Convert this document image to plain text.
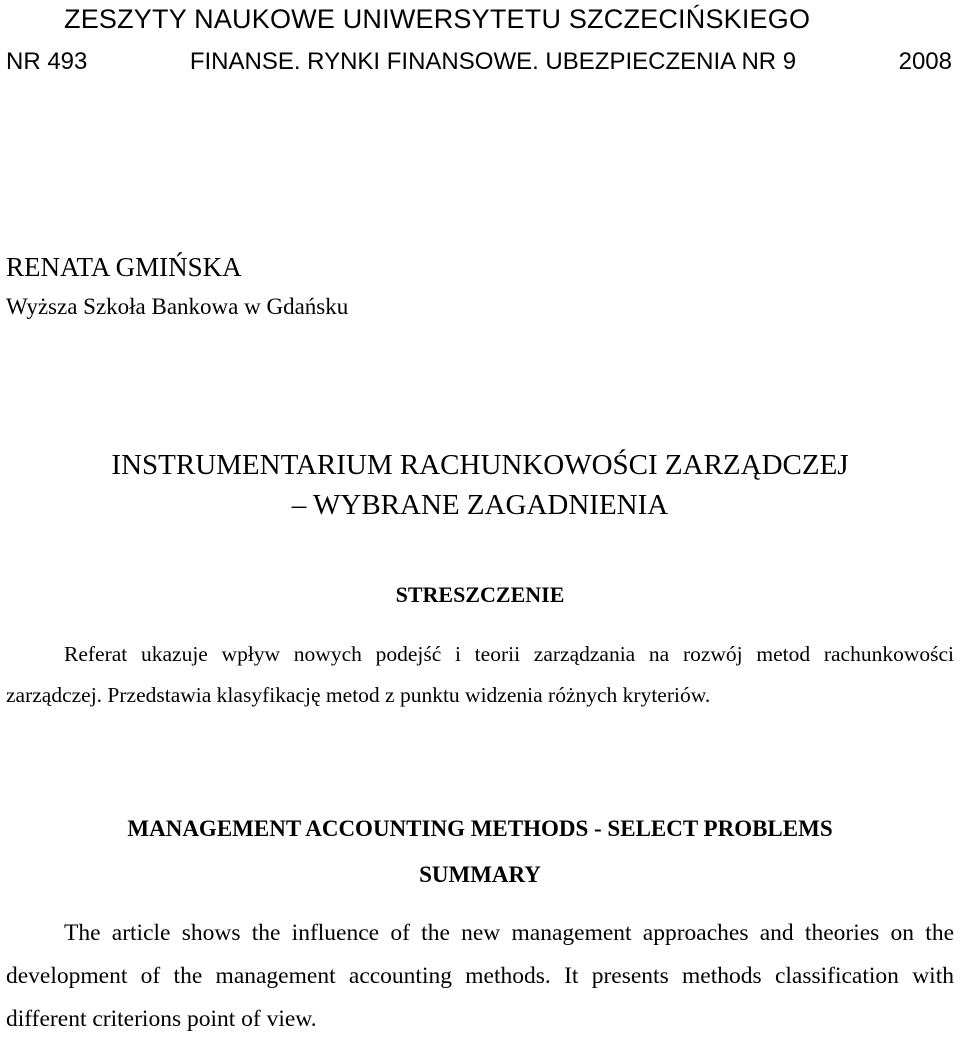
ZESZYTY NAUKOWE UNIWERSYTETU SZCZECIŃSKIEGO
NR 493	FINANSE. RYNKI FINANSOWE. UBEZPIECZENIA NR 9	2008
RENATA GMIŃSKA
Wyższa Szkoła Bankowa w Gdańsku
INSTRUMENTARIUM RACHUNKOWOŚCI ZARZĄDCZEJ
– WYBRANE ZAGADNIENIA
STRESZCZENIE
Referat ukazuje wpływ nowych podejść i teorii zarządzania na rozwój metod rachunkowości zarządczej. Przedstawia klasyfikację metod z punktu widzenia różnych kryteriów.
MANAGEMENT ACCOUNTING METHODS - SELECT PROBLEMS
SUMMARY
The article shows the influence of the new management approaches and theories on the development of the management accounting methods. It presents methods classification with different criterions point of view.
